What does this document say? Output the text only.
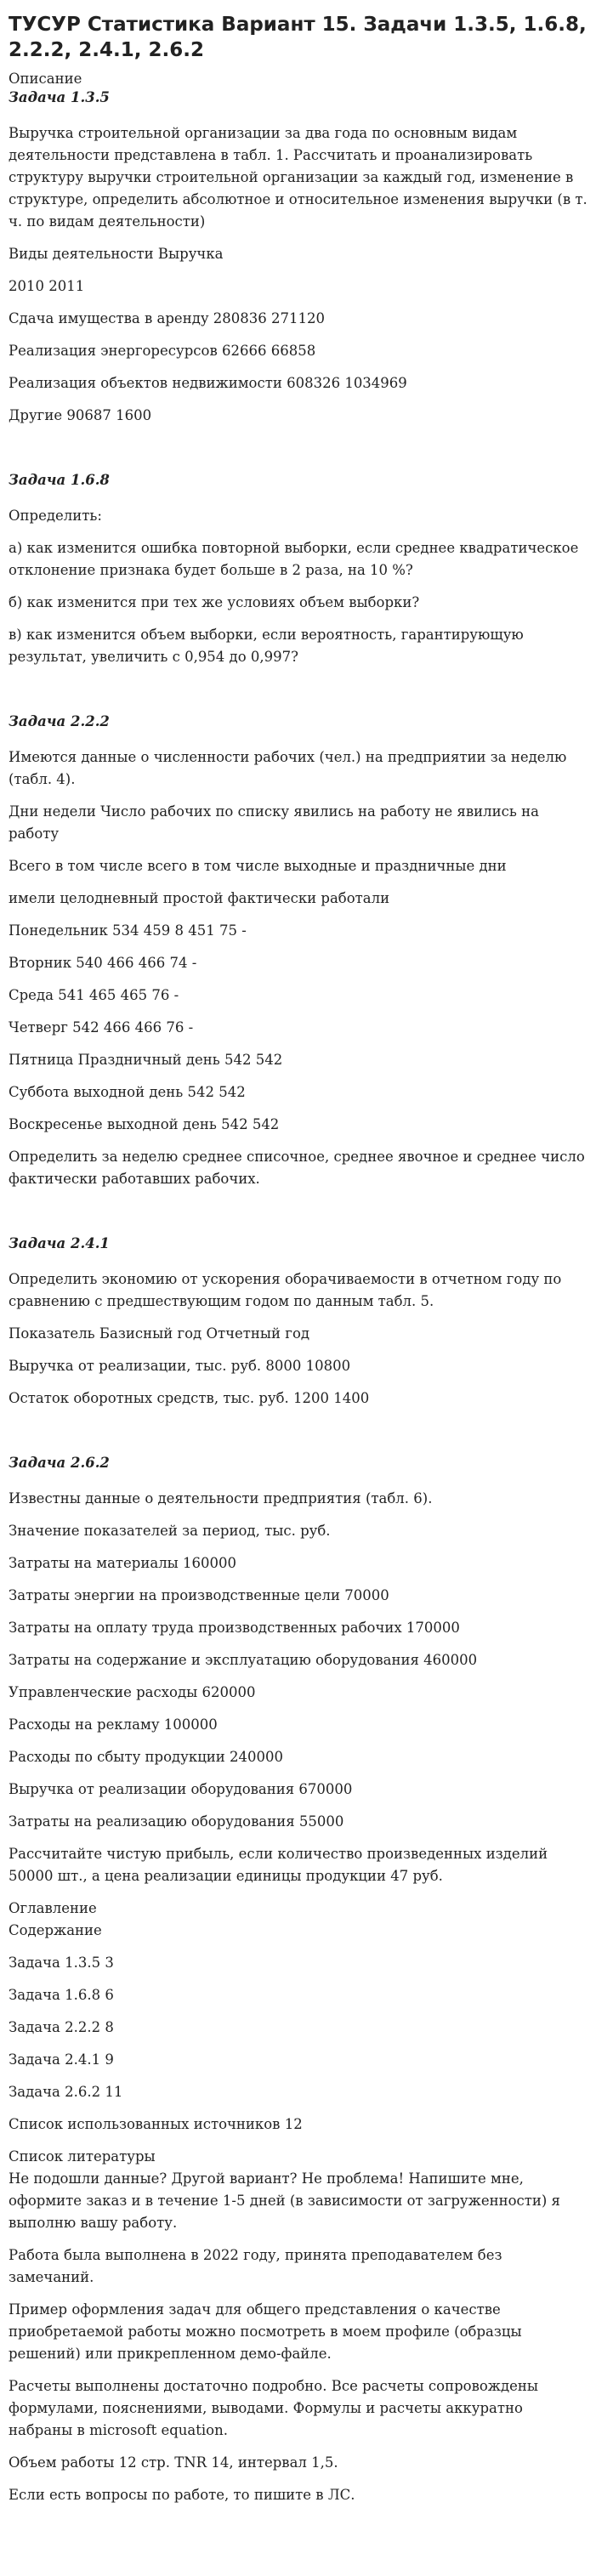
ТУСУР Статистика Вариант 15. Задачи 1.3.5, 1.6.8, 2.2.2, 2.4.1, 2.6.2

Описание

Задача 1.3.5

Выручка строительной организации за два года по основным видам деятельности представлена в табл. 1. Рассчитать и проанализировать структуру выручки строительной организации за каждый год, изменение в структуре, определить абсолютное и относительное изменения выручки (в т. ч. по видам деятельности)

Виды деятельности Выручка

2010 2011

Сдача имущества в аренду 280836 271120

Реализация энергоресурсов 62666 66858

Реализация объектов недвижимости 608326 1034969

Другие 90687 1600

Задача 1.6.8

Определить:

а) как изменится ошибка повторной выборки, если среднее квадратическое отклонение признака будет больше в 2 раза, на 10 %?

б) как изменится при тех же условиях объем выборки?

в) как изменится объем выборки, если вероятность, гарантирующую результат, увеличить с 0,954 до 0,997?

Задача 2.2.2

Имеются данные о численности рабочих (чел.) на предприятии за неделю (табл. 4).

Дни недели Число рабочих по списку явились на работу не явились на работу

Всего в том числе всего в том числе выходные и праздничные дни

имели целодневный простой фактически работали

Понедельник 534 459 8 451 75 -

Вторник 540 466 466 74 -

Среда 541 465 465 76 -

Четверг 542 466 466 76 -

Пятница Праздничный день 542 542

Суббота выходной день 542 542

Воскресенье выходной день 542 542

Определить за неделю среднее списочное, среднее явочное и среднее число фактически работавших рабочих.

Задача 2.4.1

Определить экономию от ускорения оборачиваемости в отчетном году по сравнению с предшествующим годом по данным табл. 5.

Показатель Базисный год Отчетный год

Выручка от реализации, тыс. руб. 8000 10800

Остаток оборотных средств, тыс. руб. 1200 1400

Задача 2.6.2

Известны данные о деятельности предприятия (табл. 6).

Значение показателей за период, тыс. руб.

Затраты на материалы 160000

Затраты энергии на производственные цели 70000

Затраты на оплату труда производственных рабочих 170000

Затраты на содержание и эксплуатацию оборудования 460000

Управленческие расходы 620000

Расходы на рекламу 100000

Расходы по сбыту продукции 240000

Выручка от реализации оборудования 670000

Затраты на реализацию оборудования 55000

Рассчитайте чистую прибыль, если количество произведенных изделий 50000 шт., а цена реализации единицы продукции 47 руб.

Оглавление

Содержание

Задача 1.3.5 3

Задача 1.6.8 6

Задача 2.2.2 8

Задача 2.4.1 9

Задача 2.6.2 11

Список использованных источников 12

Список литературы

Не подошли данные? Другой вариант? Не проблема! Напишите мне, оформите заказ и в течение 1-5 дней (в зависимости от загруженности) я выполню вашу работу.

Работа была выполнена в 2022 году, принята преподавателем без замечаний.

Пример оформления задач для общего представления о качестве приобретаемой работы можно посмотреть в моем профиле (образцы решений) или прикрепленном демо-файле.

Расчеты выполнены достаточно подробно. Все расчеты сопровождены формулами, пояснениями, выводами. Формулы и расчеты аккуратно набраны в microsoft equation.

Объем работы 12 стр. TNR 14, интервал 1,5.

Если есть вопросы по работе, то пишите в ЛС.
